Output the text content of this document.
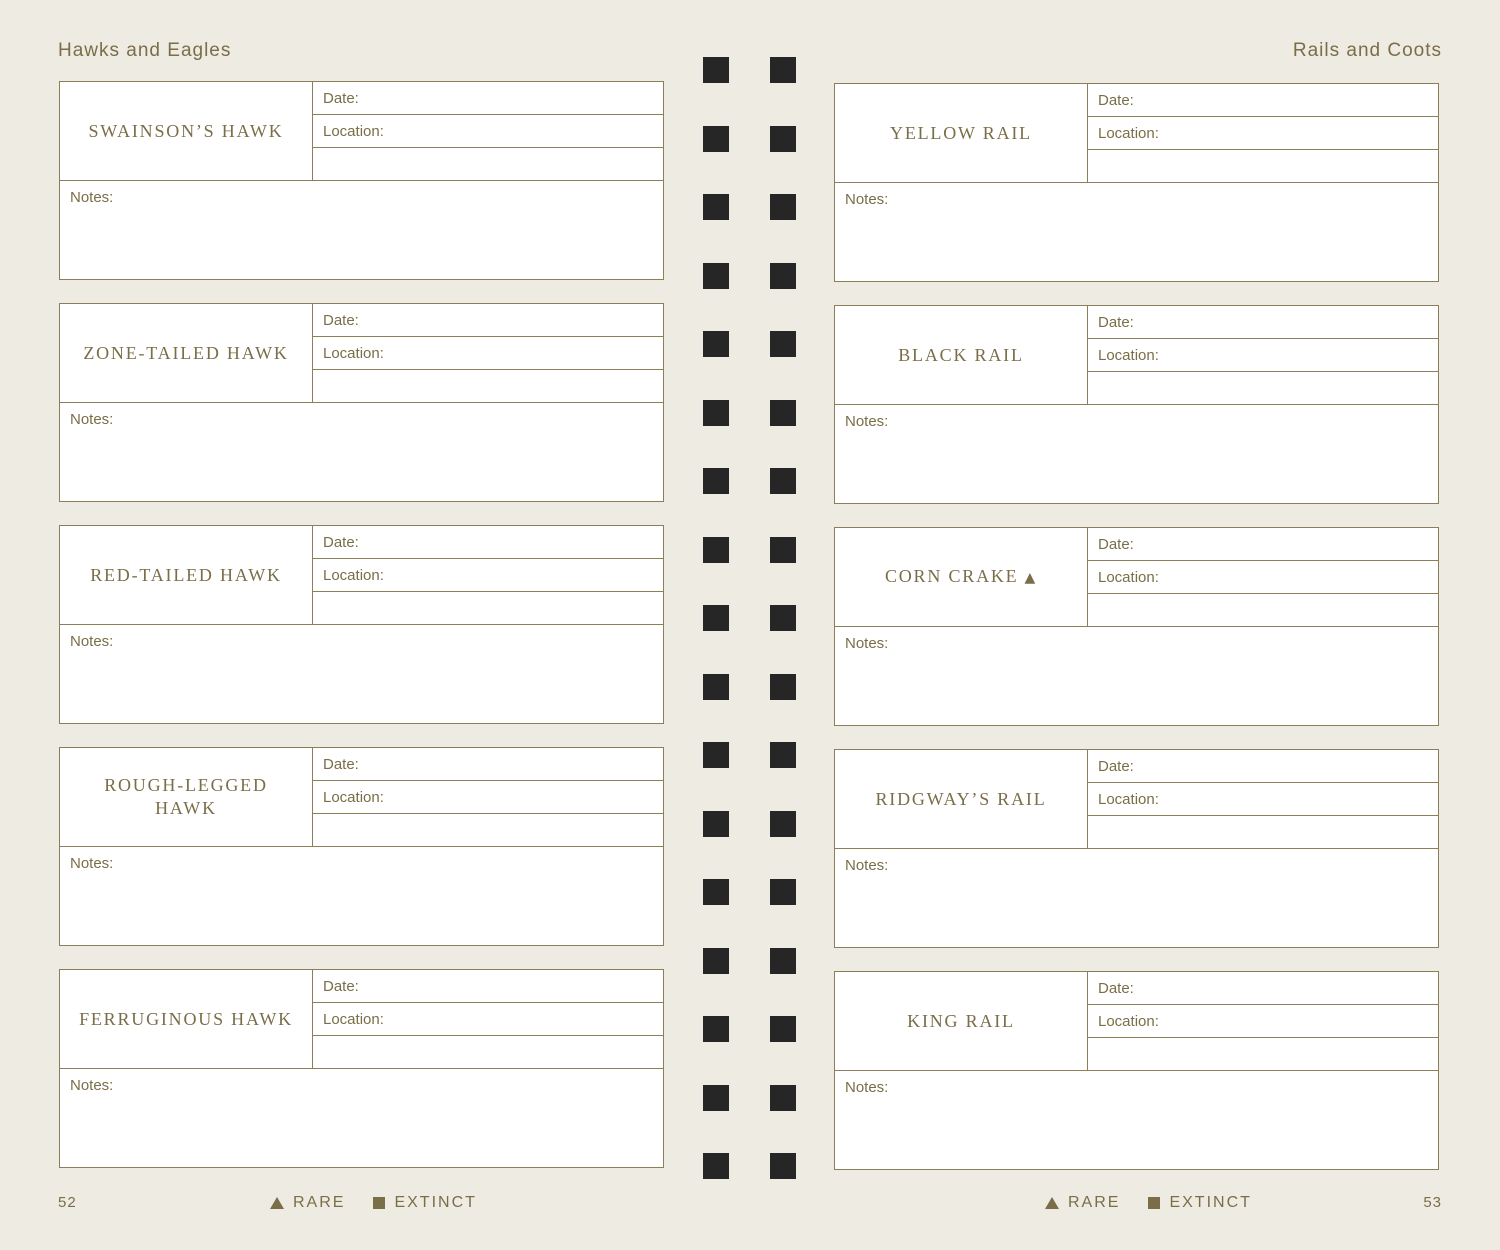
Hawks and Eagles	Rails and Coots
SWAINSON’S HAWK
Date:
Location:
Notes:
ZONE-TAILED HAWK
Date:
Location:
Notes:
RED-TAILED HAWK
Date:
Location:
Notes:
ROUGH-LEGGED HAWK
Date:
Location:
Notes:
FERRUGINOUS HAWK
Date:
Location:
Notes:
YELLOW RAIL
Date:
Location:
Notes:
BLACK RAIL
Date:
Location:
Notes:
CORN CRAKE ▲
Date:
Location:
Notes:
RIDGWAY’S RAIL
Date:
Location:
Notes:
KING RAIL
Date:
Location:
Notes:
52	RARE	EXTINCT	RARE	EXTINCT	53
